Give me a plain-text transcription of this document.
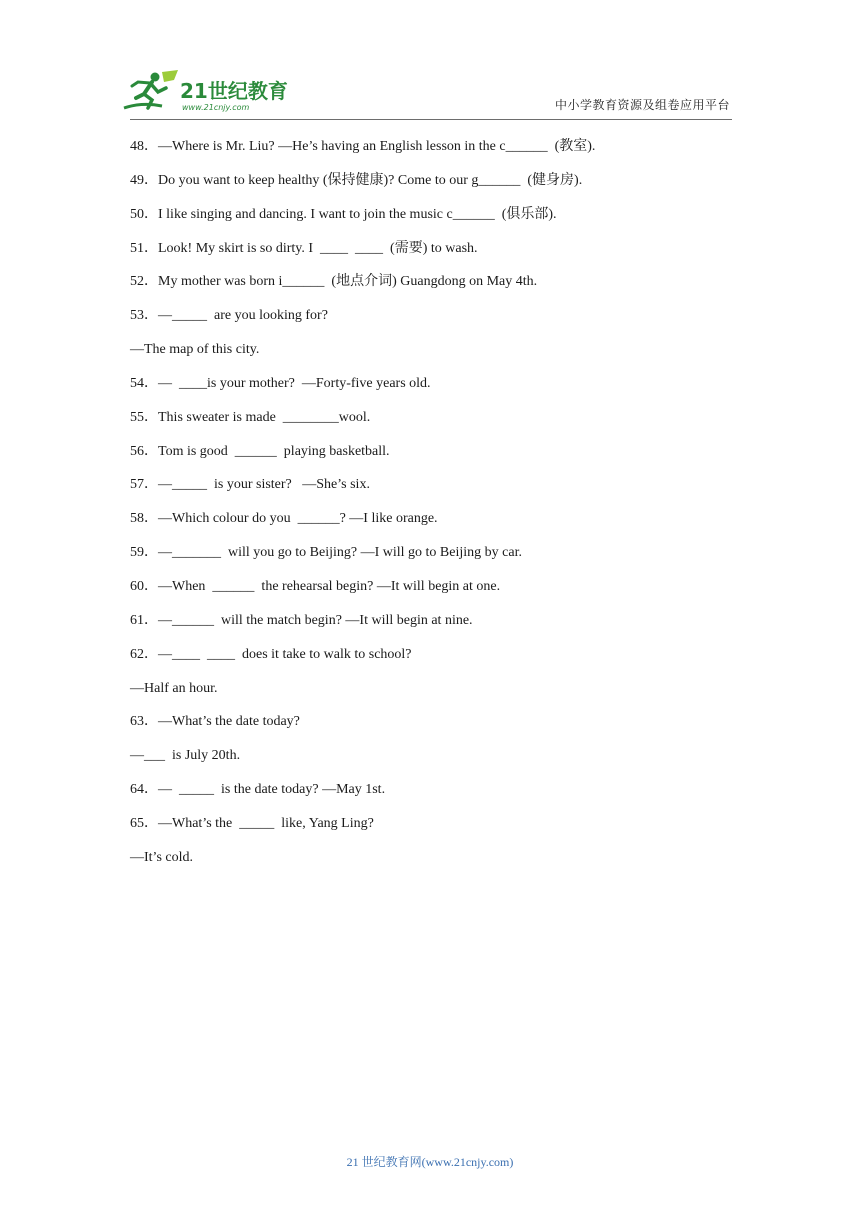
21世纪教育
www.21cnjy.com	中小学教育资源及组卷应用平台
48．—Where is Mr. Liu? —He’s having an English lesson in the c______  (教室).
49．Do you want to keep healthy (保持健康)? Come to our g______  (健身房).
50．I like singing and dancing. I want to join the music c______  (俱乐部).
51．Look! My skirt is so dirty. I  ____  ____  (需要) to wash.
52．My mother was born i______  (地点介词) Guangdong on May 4th.
53．—_____  are you looking for?
—The map of this city.
54．—  ____is your mother?  —Forty-five years old.
55．This sweater is made  ________wool.
56．Tom is good  ______  playing basketball.
57．—_____  is your sister?   —She’s six.
58．—Which colour do you  ______? —I like orange.
59．—_______  will you go to Beijing? —I will go to Beijing by car.
60．—When  ______  the rehearsal begin? —It will begin at one.
61．—______  will the match begin? —It will begin at nine.
62．—____  ____  does it take to walk to school?
—Half an hour.
63．—What’s the date today?
—___  is July 20th.
64．—  _____  is the date today? —May 1st.
65．—What’s the  _____  like, Yang Ling?
—It’s cold.
21 世纪教育网(www.21cnjy.com)
